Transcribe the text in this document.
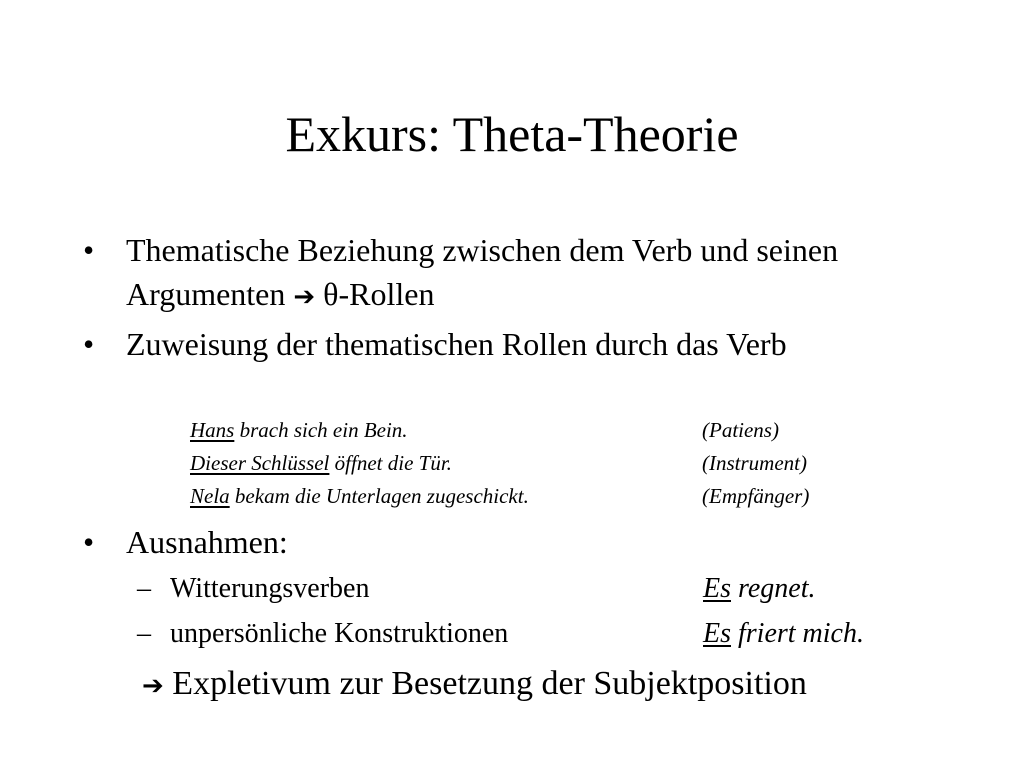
Exkurs: Theta-Theorie
• Thematische Beziehung zwischen dem Verb und seinen Argumenten ➔ θ-Rollen
• Zuweisung der thematischen Rollen durch das Verb
Hans brach sich ein Bein.	(Patiens)
Dieser Schlüssel öffnet die Tür.	(Instrument)
Nela bekam die Unterlagen zugeschickt.	(Empfänger)
• Ausnahmen:
– Witterungsverben	Es regnet.
– unpersönliche Konstruktionen	Es friert mich.
➔ Expletivum zur Besetzung der Subjektposition
